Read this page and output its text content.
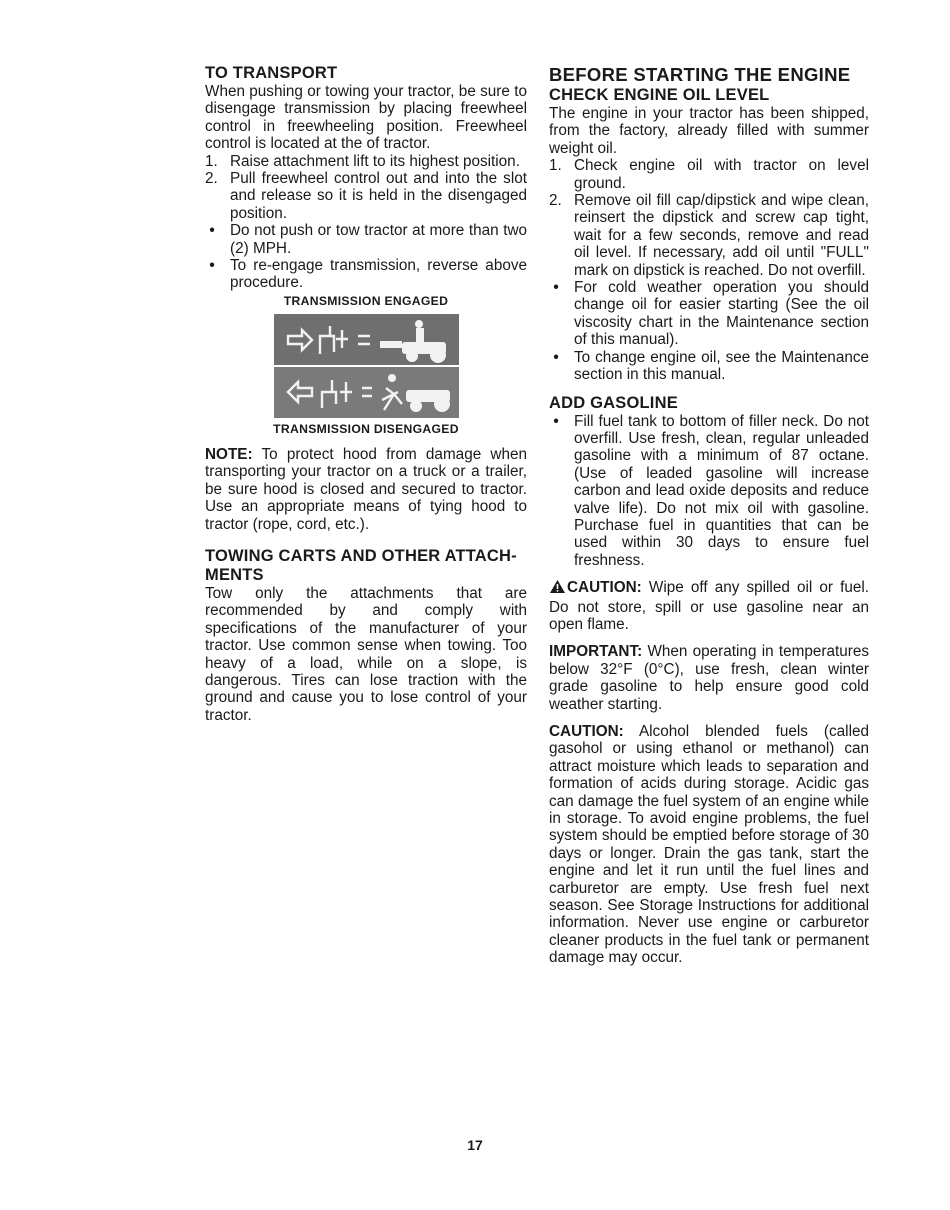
TO TRANSPORT

When pushing or towing your tractor, be sure to disengage transmission by placing freewheel control in freewheeling position. Freewheel control is located at the of tractor.

1. Raise attachment lift to its highest position.
2. Pull freewheel control out and into the slot and release so it is held in the disengaged position.
• Do not push or tow tractor at more than two (2) MPH.
• To re-engage transmission, reverse above procedure.
TRANSMISSION ENGAGED
TRANSMISSION DISENGAGED

NOTE: To protect hood from damage when transporting your tractor on a truck or a trailer, be sure hood is closed and secured to tractor. Use an appropriate means of tying hood to tractor (rope, cord, etc.).

TOWING CARTS AND OTHER ATTACH-MENTS

Tow only the attachments that are recommended by and comply with specifications of the manufacturer of your tractor. Use common sense when towing. Too heavy of a load, while on a slope, is dangerous. Tires can lose traction with the ground and cause you to lose control of your tractor.

BEFORE STARTING THE ENGINE
CHECK ENGINE OIL LEVEL

The engine in your tractor has been shipped, from the factory, already filled with summer weight oil.

1. Check engine oil with tractor on level ground.
2. Remove oil fill cap/dipstick and wipe clean, reinsert the dipstick and screw cap tight, wait for a few seconds, remove and read oil level. If necessary, add oil until "FULL" mark on dipstick is reached. Do not overfill.
• For cold weather operation you should change oil for easier starting (See the oil viscosity chart in the Maintenance section of this manual).
• To change engine oil, see the Maintenance section in this manual.
ADD GASOLINE
• Fill fuel tank to bottom of filler neck. Do not overfill. Use fresh, clean, regular unleaded gasoline with a minimum of 87 octane. (Use of leaded gasoline will increase carbon and lead oxide deposits and reduce valve life). Do not mix oil with gasoline. Purchase fuel in quantities that can be used within 30 days to ensure fuel freshness.

CAUTION: Wipe off any spilled oil or fuel. Do not store, spill or use gasoline near an open flame.

IMPORTANT: When operating in temperatures below 32°F (0°C), use fresh, clean winter grade gasoline to help ensure good cold weather starting.

CAUTION: Alcohol blended fuels (called gasohol or using ethanol or methanol) can attract moisture which leads to separation and formation of acids during storage. Acidic gas can damage the fuel system of an engine while in storage. To avoid engine problems, the fuel system should be emptied before storage of 30 days or longer. Drain the gas tank, start the engine and let it run until the fuel lines and carburetor are empty. Use fresh fuel next season. See Storage Instructions for additional information. Never use engine or carburetor cleaner products in the fuel tank or permanent damage may occur.

17
